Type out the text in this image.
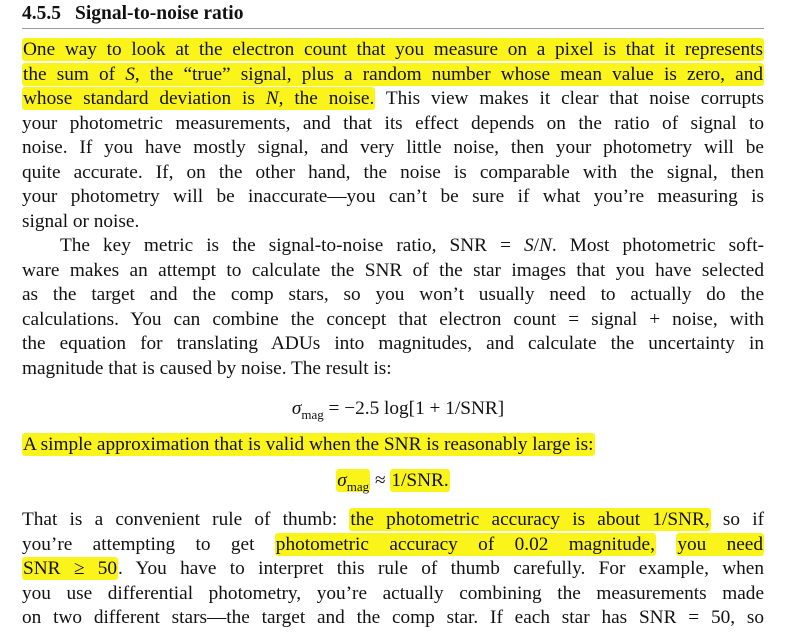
4.5.5 Signal-to-noise ratio
One way to look at the electron count that you measure on a pixel is that it represents
the sum of S, the “true” signal, plus a random number whose mean value is zero, and
whose standard deviation is N, the noise. This view makes it clear that noise corrupts
your photometric measurements, and that its effect depends on the ratio of signal to
noise. If you have mostly signal, and very little noise, then your photometry will be
quite accurate. If, on the other hand, the noise is comparable with the signal, then
your photometry will be inaccurate—you can’t be sure if what you’re measuring is
signal or noise.
The key metric is the signal-to-noise ratio, SNR = S/N. Most photometric soft-
ware makes an attempt to calculate the SNR of the star images that you have selected
as the target and the comp stars, so you won’t usually need to actually do the
calculations. You can combine the concept that electron count = signal + noise, with
the equation for translating ADUs into magnitudes, and calculate the uncertainty in
magnitude that is caused by noise. The result is:
$\sigma_{mag} = -2.5$ log[1 + 1/SNR]
A simple approximation that is valid when the SNR is reasonably large is:
$\sigma_{mag} \approx 1/SNR$.
That is a convenient rule of thumb: the photometric accuracy is about 1/SNR, so if
you’re attempting to get photometric accuracy of 0.02 magnitude, you need
SNR ≥ 50. You have to interpret this rule of thumb carefully. For example, when
you use differential photometry, you’re actually combining the measurements made
on two different stars—the target and the comp star. If each star has SNR = 50, so
